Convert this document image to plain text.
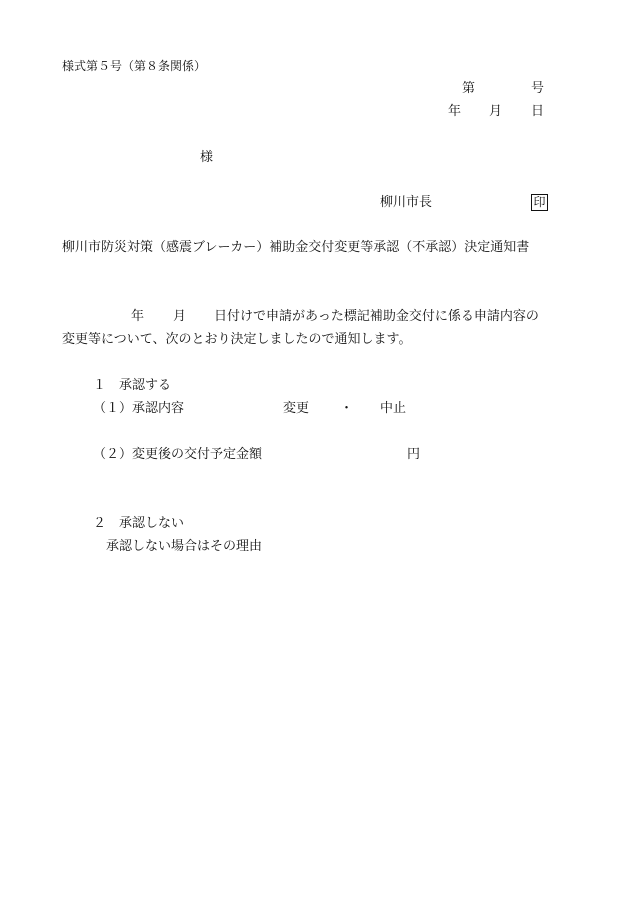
様式第５号（第８条関係）
第	号
年 月 日
様
柳川市長	印
柳川市防災対策（感震ブレーカー）補助金交付変更等承認（不承認）決定通知書
年 月 日付けで申請があった標記補助金交付に係る申請内容の
変更等について、次のとおり決定しましたので通知します。
１　承認する
（１）承認内容	変更 ・ 中止
（２）変更後の交付予定金額	円
２　承認しない
承認しない場合はその理由
